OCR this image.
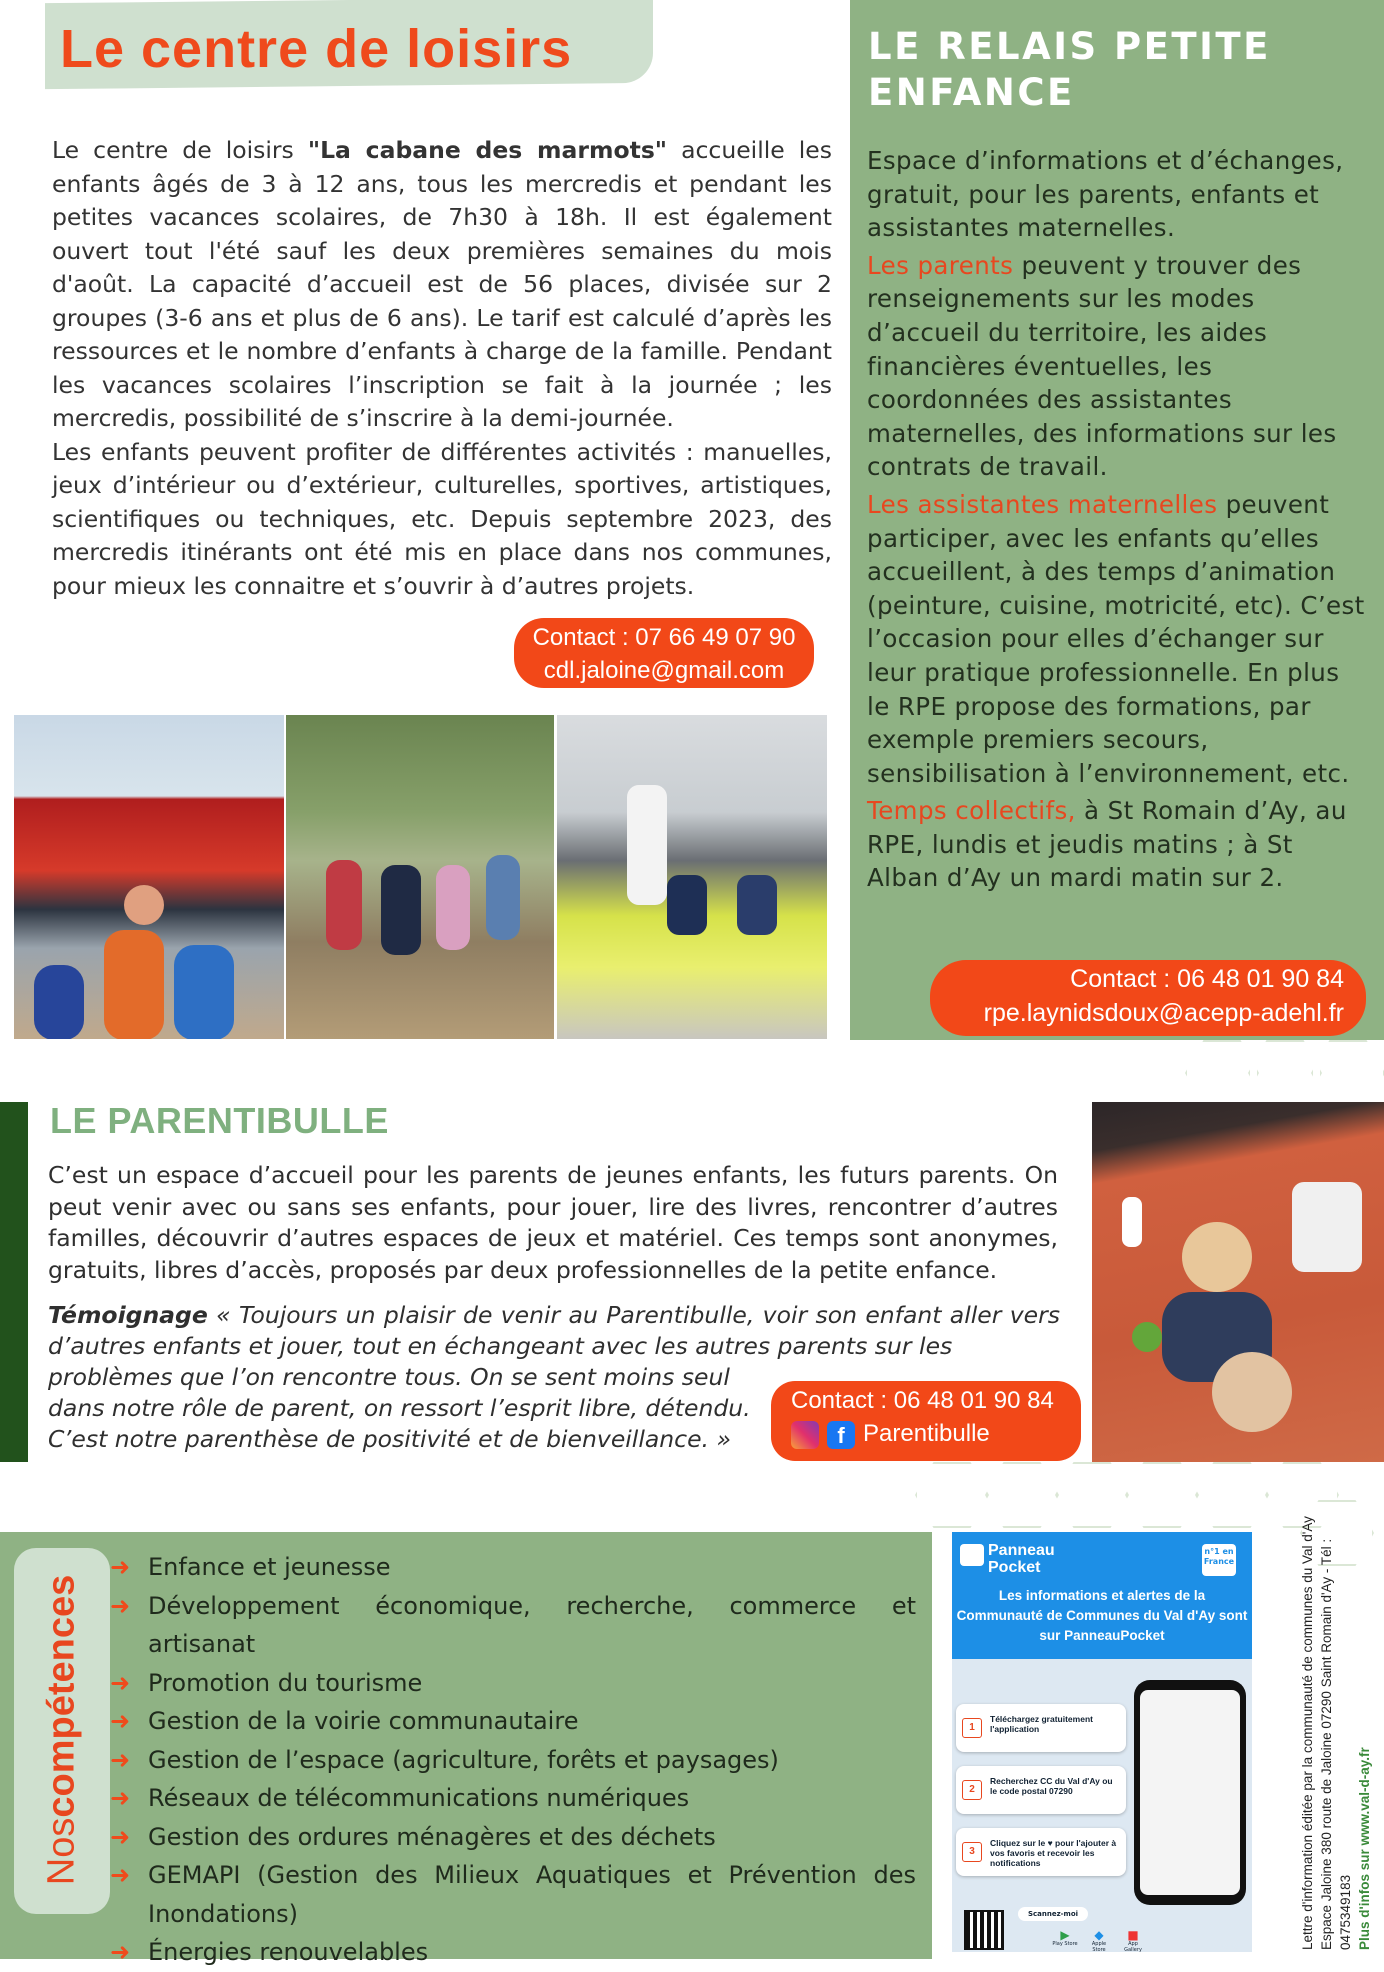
Le centre de loisirs

Le centre de loisirs "La cabane des marmots" accueille les enfants âgés de 3 à 12 ans, tous les mercredis et pendant les petites vacances scolaires, de 7h30 à 18h. Il est également ouvert tout l'été sauf les deux premières semaines du mois d'août. La capacité d’accueil est de 56 places, divisée sur 2 groupes (3-6 ans et plus de 6 ans). Le tarif est calculé d’après les ressources et le nombre d’enfants à charge de la famille. Pendant les vacances scolaires l’inscription se fait à la journée ; les mercredis, possibilité de s’inscrire à la demi-journée.

Les enfants peuvent profiter de différentes activités : manuelles, jeux d’intérieur ou d’extérieur, culturelles, sportives, artistiques, scientifiques ou techniques, etc. Depuis septembre 2023, des mercredis itinérants ont été mis en place dans nos communes, pour mieux les connaitre et s’ouvrir à d’autres projets.

Contact : 07 66 49 07 90
cdl.jaloine@gmail.com
LE RELAIS PETITE
ENFANCE

Espace d’informations et d’échanges, gratuit, pour les parents, enfants et assistantes maternelles.

Les parents peuvent y trouver des renseignements sur les modes d’accueil du territoire, les aides financières éventuelles, les coordonnées des assistantes maternelles, des informations sur les contrats de travail.

Les assistantes maternelles peuvent participer, avec les enfants qu’elles accueillent, à des temps d’animation (peinture, cuisine, motricité, etc). C’est l’occasion pour elles d’échanger sur leur pratique professionnelle. En plus le RPE propose des formations, par exemple premiers secours, sensibilisation à l’environnement, etc.

Temps collectifs, à St Romain d’Ay, au RPE, lundis et jeudis matins ; à St Alban d’Ay un mardi matin sur 2.

Contact : 06 48 01 90 84
rpe.laynidsdoux@acepp-adehl.fr
LE PARENTIBULLE

C’est un espace d’accueil pour les parents de jeunes enfants, les futurs parents. On peut venir avec ou sans ses enfants, pour jouer, lire des livres, rencontrer d’autres familles, découvrir d’autres espaces de jeux et matériel. Ces temps sont anonymes, gratuits, libres d’accès, proposés par deux professionnelles de la petite enfance.

Témoignage « Toujours un plaisir de venir au Parentibulle, voir son enfant aller vers d’autres enfants et jouer, tout en échangeant avec les autres parents sur les
problèmes que l’on rencontre tous. On se sent moins seul dans notre rôle de parent, on ressort l’esprit libre, détendu. C’est notre parenthèse de positivité et de bienveillance. »
Contact : 06 48 01 90 84
f Parentibulle
Noscompétences
➜ Enfance et jeunesse
➜ Développement économique, recherche, commerce et artisanat
➜ Promotion du tourisme
➜ Gestion de la voirie communautaire
➜ Gestion de l’espace (agriculture, forêts et paysages)
➜ Réseaux de télécommunications numériques
➜ Gestion des ordures ménagères et des déchets
➜ GEMAPI (Gestion des Milieux Aquatiques et Prévention des Inondations)
➜ Énergies renouvelables
Panneau
Pocket
n°1 en
France
Les informations et alertes de la Communauté de Communes du Val d'Ay sont sur PanneauPocket
1
Téléchargez gratuitement l'application
2
Recherchez CC du Val d'Ay ou le code postal 07290
3
Cliquez sur le ♥ pour l'ajouter à vos favoris et recevoir les notifications
Scannez-moi
▶
Play Store
◆
Apple Store
■
App Gallery	Lettre d'information éditée par la communauté de communes du Val d'Ay Espace Jaloine 380 route de Jaloine 07290 Saint Romain d'Ay - Tél : 0475349183 Plus d'infos sur www.val-d-ay.fr
